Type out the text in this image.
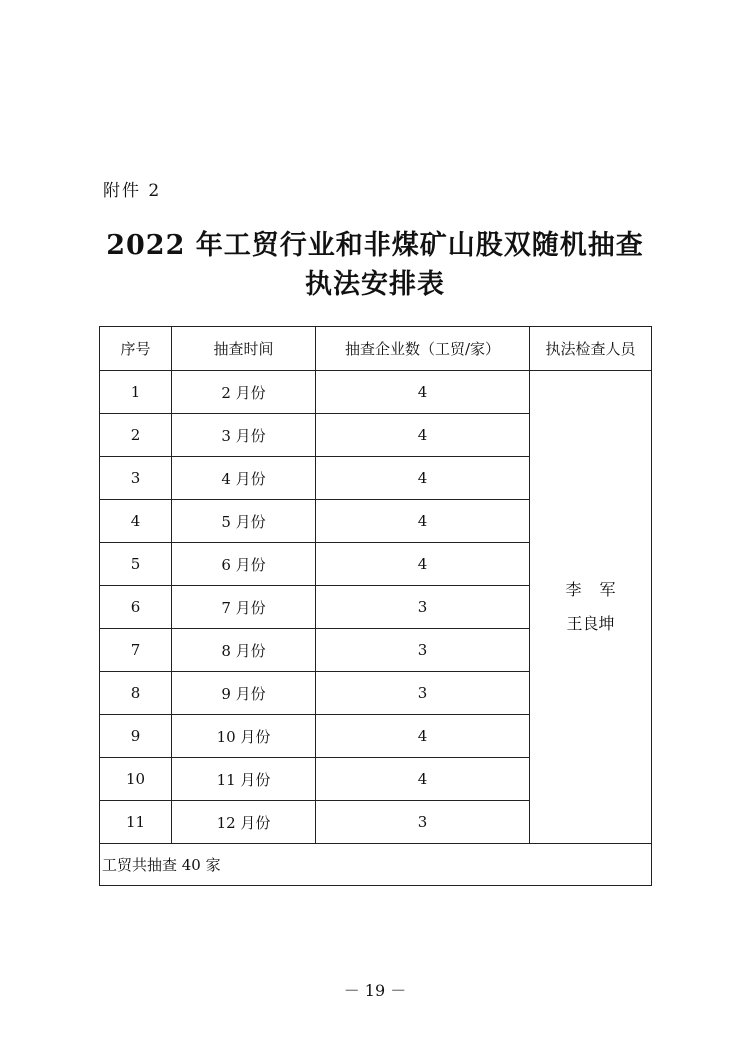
附件 2
2022 年工贸行业和非煤矿山股双随机抽查
执法安排表
序号	抽查时间	抽查企业数（工贸/家）	执法检查人员
1	2 月份	4	李军
王良坤

2	3 月份	4	
3	4 月份	4	
4	5 月份	4	
5	6 月份	4	
6	7 月份	3	
7	8 月份	3	
8	9 月份	3	
9	10 月份	4	
10	11 月份	4	
11	12 月份	3	
工贸共抽查 40 家			
－ 19 －
